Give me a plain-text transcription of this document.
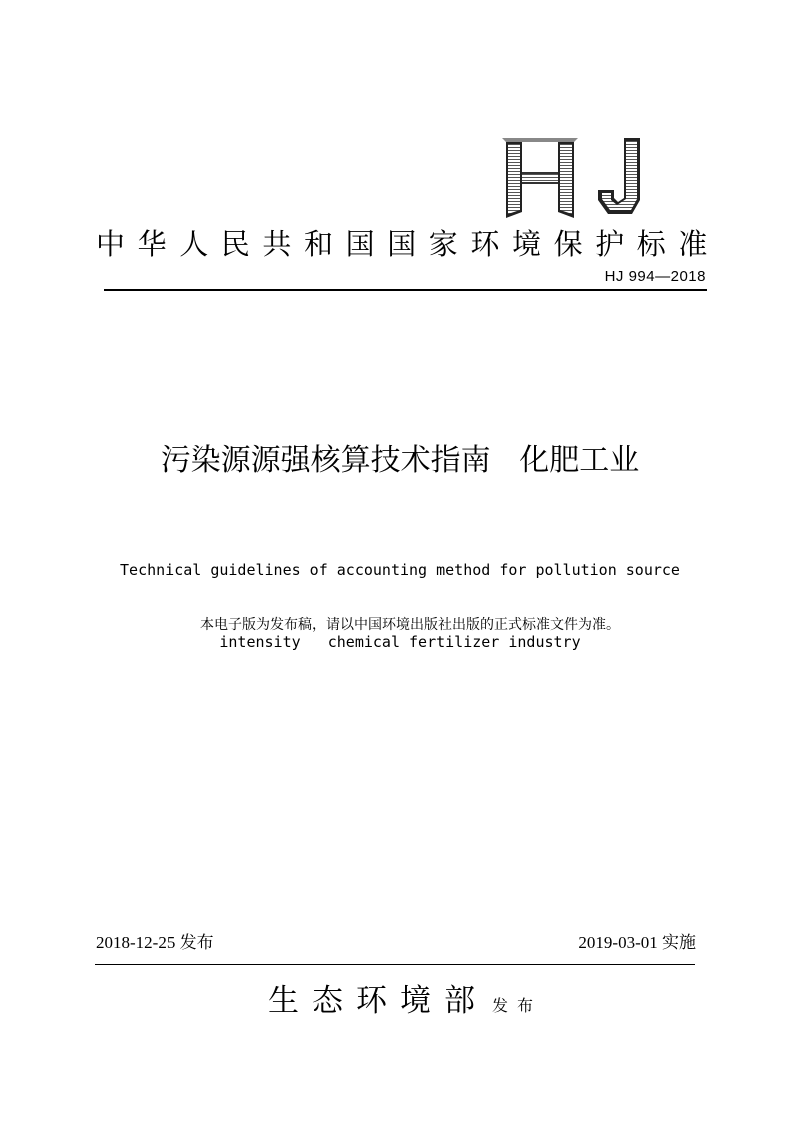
中华人民共和国国家环境保护标准
HJ 994—2018
污染源源强核算技术指南   化肥工业

Technical guidelines of accounting method for pollution source

intensity   chemical fertilizer industry

本电子版为发布稿，请以中国环境出版社出版的正式标准文件为准。
2018-12-25 发布	2019-03-01 实施
生态环境部 发布
